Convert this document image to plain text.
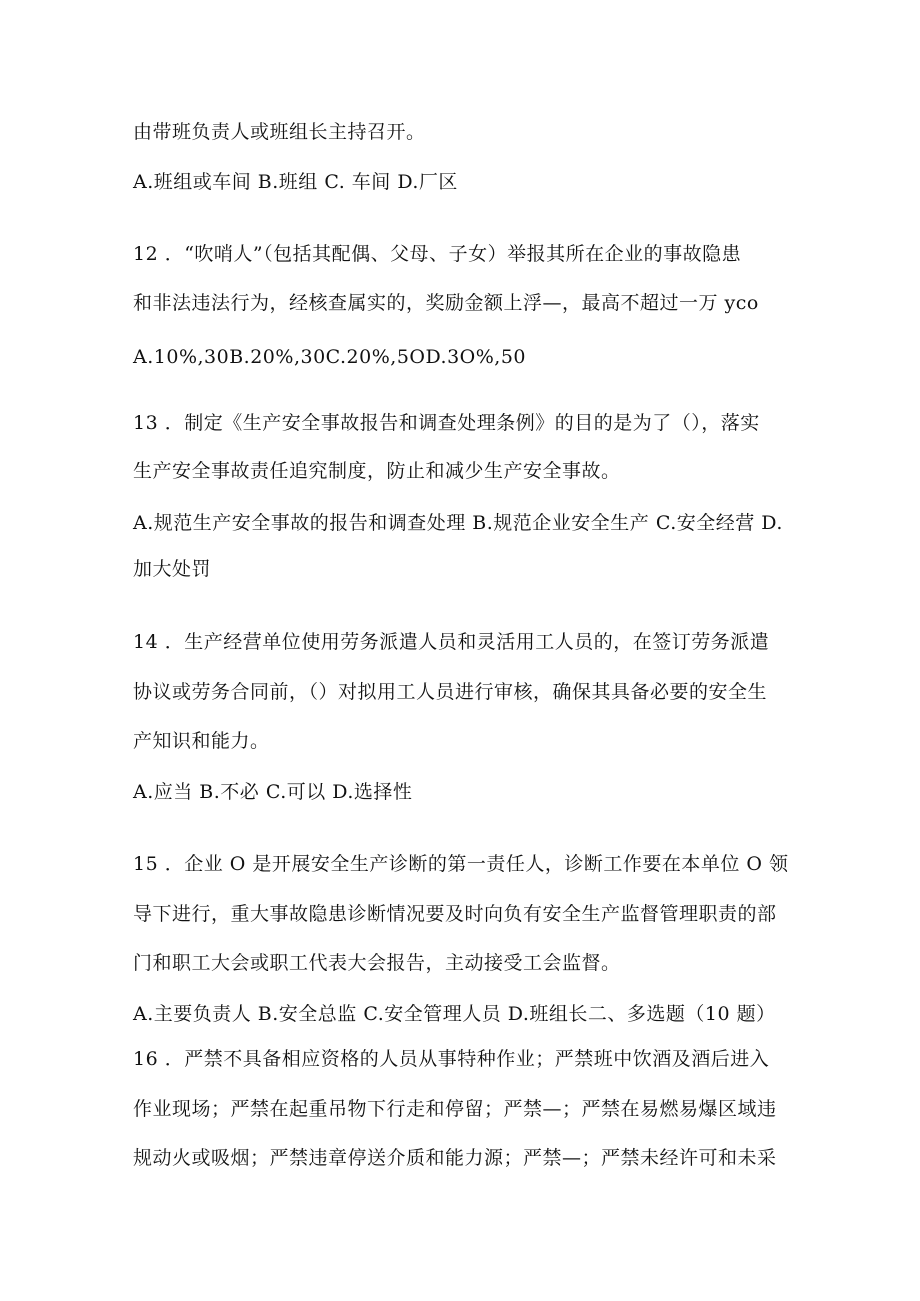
由带班负责人或班组长主持召开。
A.班组或车间 B.班组 C. 车间 D.厂区
12 ．“吹哨人”（包括其配偶、父母、子女）举报其所在企业的事故隐患
和非法违法行为，经核查属实的，奖励金额上浮—，最高不超过一万 yco
A.10%,30B.20%,30C.20%,5OD.3O%,50
13 ．制定《生产安全事故报告和调查处理条例》的目的是为了（），落实
生产安全事故责任追究制度，防止和减少生产安全事故。
A.规范生产安全事故的报告和调查处理 B.规范企业安全生产 C.安全经营 D.
加大处罚
14 ．生产经营单位使用劳务派遣人员和灵活用工人员的，在签订劳务派遣
协议或劳务合同前，（）对拟用工人员进行审核，确保其具备必要的安全生
产知识和能力。
A.应当 B.不必 C.可以 D.选择性
15 ．企业 O 是开展安全生产诊断的第一责任人，诊断工作要在本单位 O 领
导下进行，重大事故隐患诊断情况要及时向负有安全生产监督管理职责的部
门和职工大会或职工代表大会报告，主动接受工会监督。
A.主要负责人 B.安全总监 C.安全管理人员 D.班组长二、多选题（10 题）
16 ．严禁不具备相应资格的人员从事特种作业；严禁班中饮酒及酒后进入
作业现场；严禁在起重吊物下行走和停留；严禁—；严禁在易燃易爆区域违
规动火或吸烟；严禁违章停送介质和能力源；严禁—；严禁未经许可和未采
